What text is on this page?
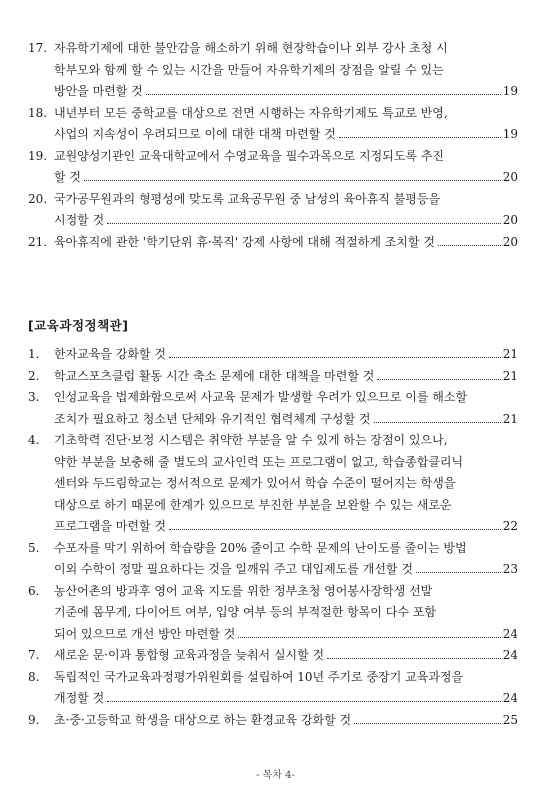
17. 자유학기제에 대한 불안감을 해소하기 위해 현장학습이나 외부 강사 초청 시
학부모와 함께 할 수 있는 시간을 만들어 자유학기제의 장점을 알릴 수 있는
방안을 마련할 것	19
18. 내년부터 모든 중학교를 대상으로 전면 시행하는 자유학기제도 특교로 반영,
사업의 지속성이 우려되므로 이에 대한 대책 마련할 것	19
19. 교원양성기관인 교육대학교에서 수영교육을 필수과목으로 지정되도록 추진
할 것	20
20. 국가공무원과의 형평성에 맞도록 교육공무원 중 남성의 육아휴직 불평등을
시정할 것	20
21. 육아휴직에 관한 '학기단위 휴·복직' 강제 사항에 대해 적절하게 조치할 것	20
[교육과정정책관]
1.	한자교육을 강화할 것	21
2.	학교스포츠클럽 활동 시간 축소 문제에 대한 대책을 마련할 것	21
3.	인성교육을 법제화함으로써 사교육 문제가 발생할 우려가 있으므로 이를 해소할
조치가 필요하고 청소년 단체와 유기적인 협력체계 구성할 것	21
4.	기초학력 진단·보정 시스템은 취약한 부분을 알 수 있게 하는 장점이 있으나,
약한 부분을 보충해 줄 별도의 교사인력 또는 프로그램이 없고, 학습종합클리닉
센터와 두드림학교는 정서적으로 문제가 있어서 학습 수준이 떨어지는 학생을
대상으로 하기 때문에 한계가 있으므로 부진한 부분을 보완할 수 있는 새로운
프로그램을 마련할 것	22
5.	수포자를 막기 위하여 학습량을 20% 줄이고 수학 문제의 난이도를 줄이는 방법
이외 수학이 정말 필요하다는 것을 일깨워 주고 대입제도를 개선할 것	23
6.	농산어촌의 방과후 영어 교육 지도를 위한 정부초청 영어봉사장학생 선발
기준에 몸무게, 다이어트 여부, 입양 여부 등의 부적절한 항목이 다수 포함
되어 있으므로 개선 방안 마련할 것	24
7.	새로운 문·이과 통합형 교육과정을 늦춰서 실시할 것	24
8.	독립적인 국가교육과정평가위원회를 설립하여 10년 주기로 중장기 교육과정을
개정할 것	24
9.	초·중·고등학교 학생을 대상으로 하는 환경교육 강화할 것	25
- 목차 4-
